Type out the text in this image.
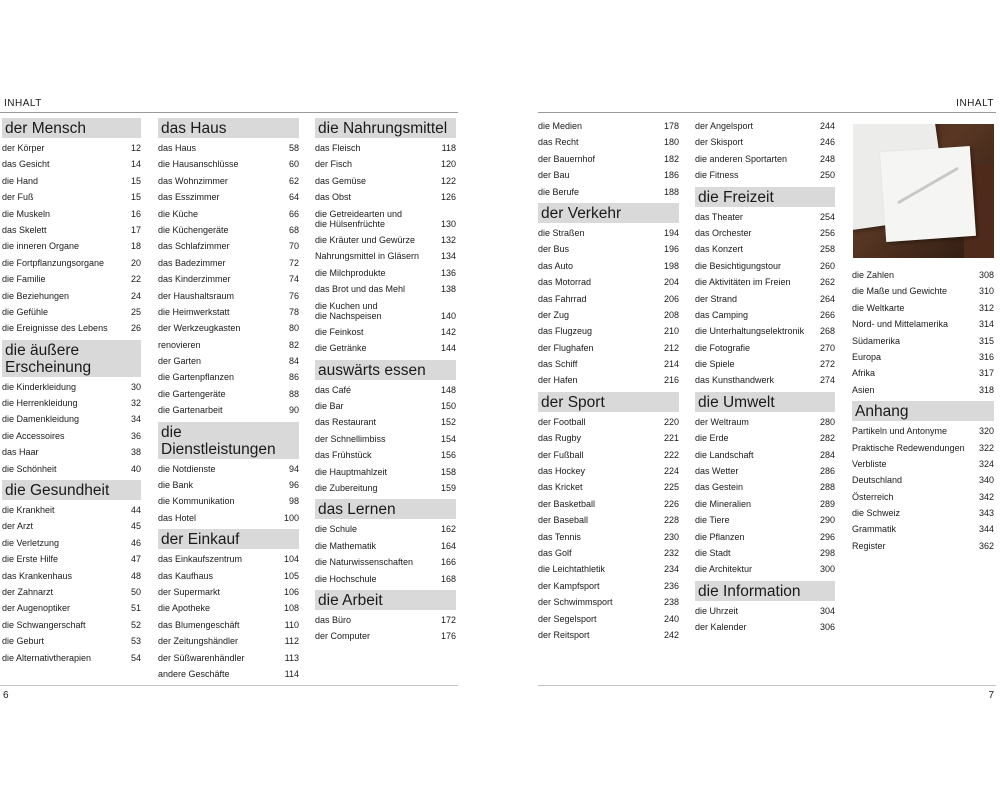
INHALT	INHALT
der Mensch
der Körper	12
das Gesicht	14
die Hand	15
der Fuß	15
die Muskeln	16
das Skelett	17
die inneren Organe	18
die Fortpflanzungsorgane	20
die Familie	22
die Beziehungen	24
die Gefühle	25
die Ereignisse des Lebens	26
die äußere
Erscheinung
die Kinderkleidung	30
die Herrenkleidung	32
die Damenkleidung	34
die Accessoires	36
das Haar	38
die Schönheit	40
die Gesundheit
die Krankheit	44
der Arzt	45
die Verletzung	46
die Erste Hilfe	47
das Krankenhaus	48
der Zahnarzt	50
der Augenoptiker	51
die Schwangerschaft	52
die Geburt	53
die Alternativtherapien	54
das Haus
das Haus	58
die Hausanschlüsse	60
das Wohnzimmer	62
das Esszimmer	64
die Küche	66
die Küchengeräte	68
das Schlafzimmer	70
das Badezimmer	72
das Kinderzimmer	74
der Haushaltsraum	76
die Heimwerkstatt	78
der Werkzeugkasten	80
renovieren	82
der Garten	84
die Gartenpflanzen	86
die Gartengeräte	88
die Gartenarbeit	90
die Dienstleistungen
die Notdienste	94
die Bank	96
die Kommunikation	98
das Hotel	100
der Einkauf
das Einkaufszentrum	104
das Kaufhaus	105
der Supermarkt	106
die Apotheke	108
das Blumengeschäft	110
der Zeitungshändler	112
der Süßwarenhändler	113
andere Geschäfte	114
die Nahrungsmittel
das Fleisch	118
der Fisch	120
das Gemüse	122
das Obst	126
die Getreidearten und
die Hülsenfrüchte	130
die Kräuter und Gewürze	132
Nahrungsmittel in Gläsern 134
die Milchprodukte	136
das Brot und das Mehl	138
die Kuchen und
die Nachspeisen	140
die Feinkost	142
die Getränke	144
auswärts essen
das Café	148
die Bar	150
das Restaurant	152
der Schnellimbiss	154
das Frühstück	156
die Hauptmahlzeit	158
die Zubereitung	159
das Lernen
die Schule	162
die Mathematik	164
die Naturwissenschaften	166
die Hochschule	168
die Arbeit
das Büro	172
der Computer	176
die Medien	178
das Recht	180
der Bauernhof	182
der Bau	186
die Berufe	188
der Verkehr
die Straßen	194
der Bus	196
das Auto	198
das Motorrad	204
das Fahrrad	206
der Zug	208
das Flugzeug	210
der Flughafen	212
das Schiff	214
der Hafen	216
der Sport
der Football	220
das Rugby	221
der Fußball	222
das Hockey	224
das Kricket	225
der Basketball	226
der Baseball	228
das Tennis	230
das Golf	232
die Leichtathletik	234
der Kampfsport	236
der Schwimmsport	238
der Segelsport	240
der Reitsport	242
der Angelsport	244
der Skisport	246
die anderen Sportarten	248
die Fitness	250
die Freizeit
das Theater	254
das Orchester	256
das Konzert	258
die Besichtigungstour	260
die Aktivitäten im Freien	262
der Strand	264
das Camping	266
die Unterhaltungselektronik 268
die Fotografie	270
die Spiele	272
das Kunsthandwerk	274
die Umwelt
der Weltraum	280
die Erde	282
die Landschaft	284
das Wetter	286
das Gestein	288
die Mineralien	289
die Tiere	290
die Pflanzen	296
die Stadt	298
die Architektur	300
die Information
die Uhrzeit	304
der Kalender	306
die Zahlen	308
die Maße und Gewichte	310
die Weltkarte	312
Nord- und Mittelamerika	314
Südamerika	315
Europa	316
Afrika	317
Asien	318
Anhang
Partikeln und Antonyme	320
Praktische Redewendungen 322
Verbliste	324
Deutschland	340
Österreich	342
die Schweiz	343
Grammatik	344
Register	362
6	7
